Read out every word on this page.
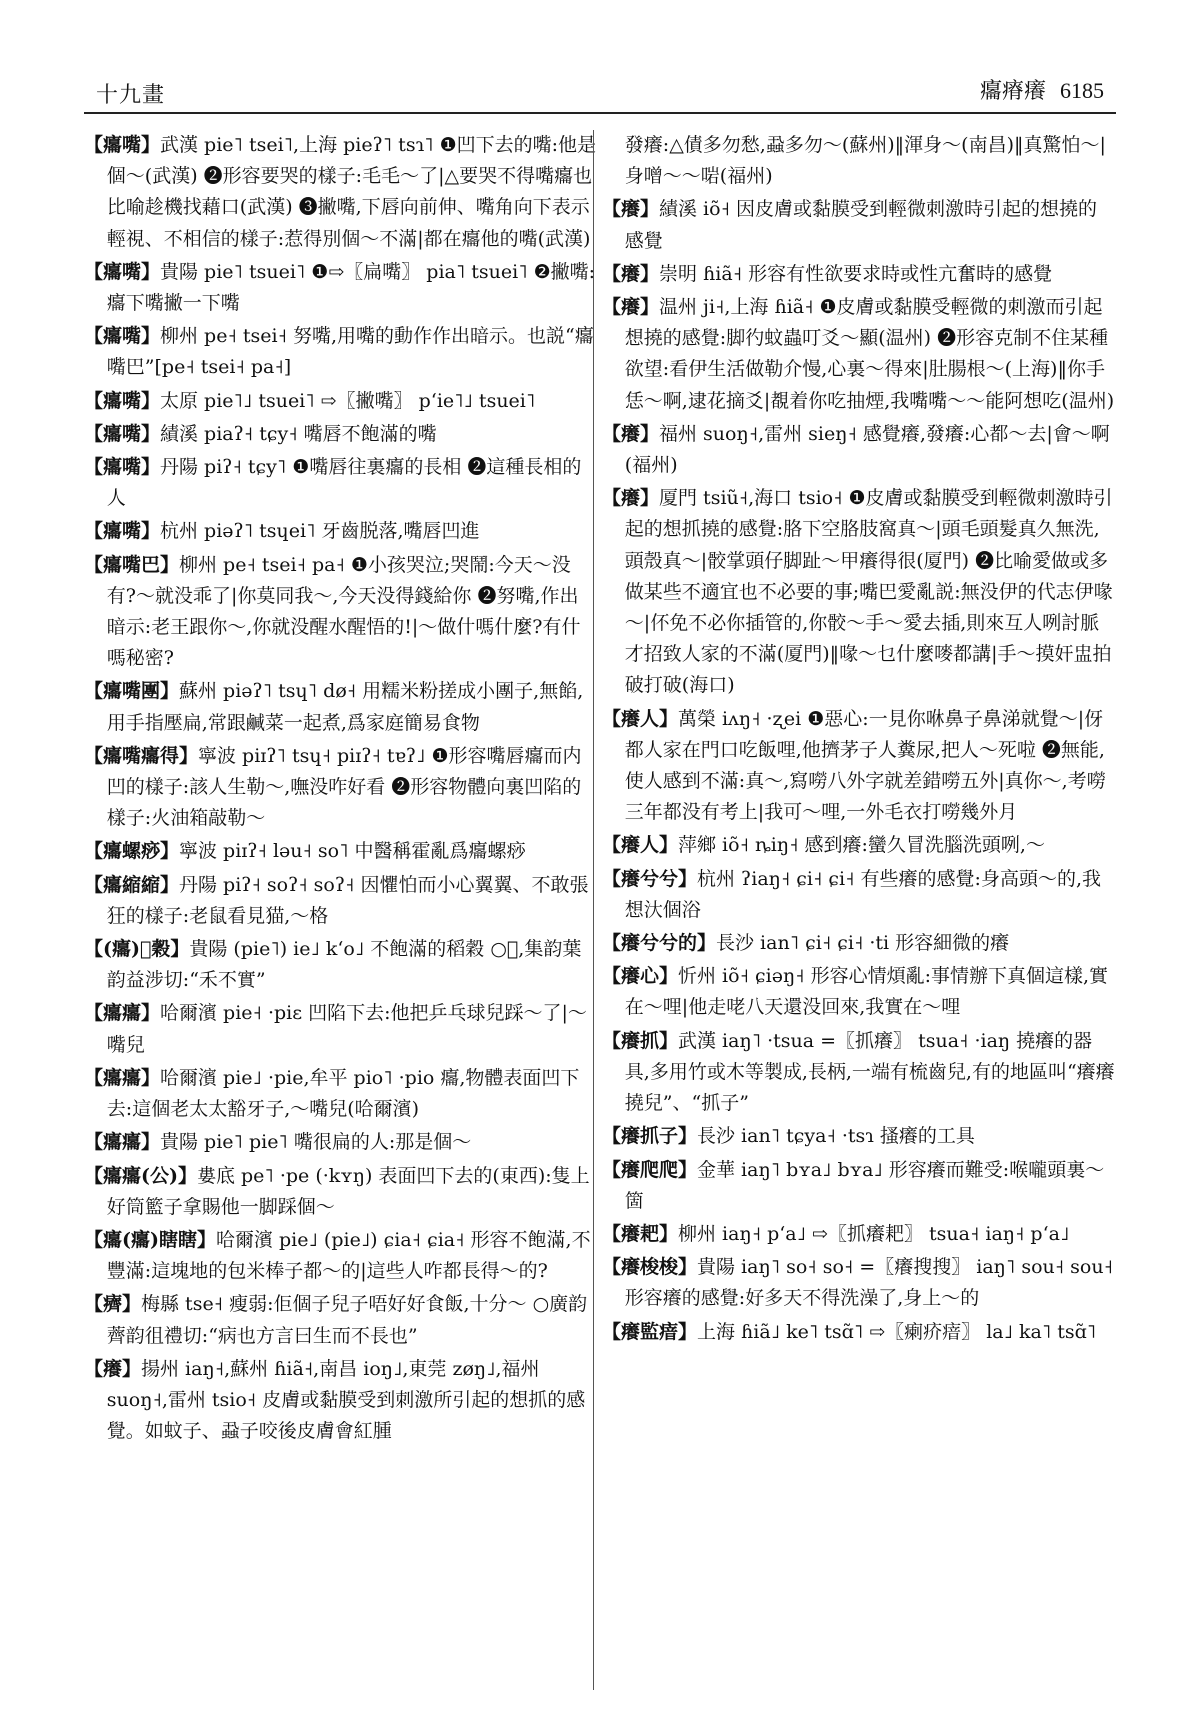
十九畫	癟瘠癢 6185
【癟嘴】武漢 pie˥ tsei˥,上海 pieʔ˥ tsɿ˥ ❶凹下去的嘴:他是個～(武漢) ❷形容要哭的樣子:毛毛～了|△要哭不得嘴癟也比喻趁機找藉口(武漢) ❸撇嘴,下唇向前伸、嘴角向下表示輕視、不相信的樣子:惹得別個～不滿|都在癟他的嘴(武漢)
【癟嘴】貴陽 pie˥ tsuei˥ ❶⇨〖扁嘴〗 pia˥ tsuei˥ ❷撇嘴:癟下嘴撇一下嘴
【癟嘴】柳州 pe˧ tsei˧ 努嘴,用嘴的動作作出暗示。也説“癟嘴巴”[pe˧ tsei˧ pa˧]
【癟嘴】太原 pie˥˩ tsuei˥ ⇨〖撇嘴〗 pʻie˥˩ tsuei˥
【癟嘴】績溪 piaʔ˧ tɕy˧ 嘴唇不飽滿的嘴
【癟嘴】丹陽 piʔ˧ tɕy˥ ❶嘴唇往裏癟的長相 ❷這種長相的人
【癟嘴】杭州 piəʔ˥ tsɥei˥ 牙齒脱落,嘴唇凹進
【癟嘴巴】柳州 pe˧ tsei˧ pa˧ ❶小孩哭泣;哭鬧:今天～没有?～就没乖了|你莫同我～,今天没得錢給你 ❷努嘴,作出暗示:老王跟你～,你就没醒水醒悟的!|～做什嗎什麼?有什嗎秘密?
【癟嘴團】蘇州 piəʔ˥ tsɥ˥ dø˧ 用糯米粉搓成小團子,無餡,用手指壓扁,常跟鹹菜一起煮,爲家庭簡易食物
【癟嘴癟得】寧波 piɪʔ˥ tsɥ˧ piɪʔ˧ tɐʔ˩ ❶形容嘴唇癟而内凹的樣子:該人生勒～,嘸没咋好看 ❷形容物體向裏凹陷的樣子:火油箱敲勒～
【癟螺痧】寧波 piɪʔ˧ ləu˧ so˥ 中醫稱霍亂爲癟螺痧
【癟縮縮】丹陽 piʔ˧ soʔ˧ soʔ˧ 因懼怕而小心翼翼、不敢張狂的樣子:老鼠看見猫,～格
【(癟)𥡏穀】貴陽 (pie˥) ie˩ kʻo˩ 不飽滿的稻穀 ○𥡏,集韵葉韵益涉切:“禾不實”
【癟癟】哈爾濱 pie˧ ·piɛ 凹陷下去:他把乒乓球兒踩～了|～嘴兒
【癟癟】哈爾濱 pie˩ ·pie,牟平 pio˥ ·pio 癟,物體表面凹下去:這個老太太豁牙子,～嘴兒(哈爾濱)
【癟癟】貴陽 pie˥ pie˥ 嘴很扁的人:那是個～
【癟癟(公)】婁底 pe˥ ·pe (·kʏŋ) 表面凹下去的(東西):隻上好筒籃子拿賜他一脚踩個～
【癟(癟)瞎瞎】哈爾濱 pie˩ (pie˩) ɕia˧ ɕia˧ 形容不飽滿,不豐滿:這塊地的包米棒子都～的|這些人咋都長得～的?
【癠】梅縣 tse˧ 瘦弱:佢個子兒子唔好好食飯,十分～ ○廣韵薺韵徂禮切:“病也方言曰生而不長也”
【癢】揚州 iaŋ˧,蘇州 ɦiã˧,南昌 ioŋ˩,東莞 zøŋ˩,福州 suoŋ˧,雷州 tsio˧ 皮膚或黏膜受到刺激所引起的想抓的感覺。如蚊子、蝨子咬後皮膚會紅腫
發癢:△債多勿愁,蝨多勿～(蘇州)‖渾身～(南昌)‖真驚怕～|身噌～～啱(福州)
【癢】績溪 iõ˧ 因皮膚或黏膜受到輕微刺激時引起的想撓的感覺
【癢】崇明 ɦiã˧ 形容有性欲要求時或性亢奮時的感覺
【癢】温州 ji˧,上海 ɦiã˧ ❶皮膚或黏膜受輕微的刺激而引起想撓的感覺:脚彴蚊蟲叮爻～顯(温州) ❷形容克制不住某種欲望:看伊生活做勒介慢,心裏～得來|肚腸根～(上海)‖你手恁～啊,逮花摘爻|覩着你吃抽煙,我嘴嘴～～能阿想吃(温州)
【癢】福州 suoŋ˧,雷州 sieŋ˧ 感覺癢,發癢:心都～去|會～啊(福州)
【癢】厦門 tsiũ˧,海口 tsio˧ ❶皮膚或黏膜受到輕微刺激時引起的想抓撓的感覺:胳下空胳肢窩真～|頭毛頭髮真久無洗,頭殼真～|骹掌頭仔脚趾～甲癢得很(厦門) ❷比喻愛做或多做某些不適宜也不必要的事;嘴巴愛亂説:無没伊的代志伊喙～|伓免不必你插管的,你骹～手～愛去插,則來互人咧討脈才招致人家的不滿(厦門)‖喙～乜什麼嘜都講|手～摸奸盅拍破打破(海口)
【癢人】萬榮 iʌŋ˧ ·ʐei ❶惡心:一見你咻鼻子鼻涕就覺～|伢都人家在門口吃飯哩,他擠茅子人糞尿,把人～死啦 ❷無能,使人感到不滿:真～,寫嘮八外字就差錯嘮五外|真你～,考嘮三年都没有考上|我可～哩,一外毛衣打嘮幾外月
【癢人】萍鄉 iõ˧ ȵiŋ˧ 感到癢:蠻久冒洗腦洗頭咧,～
【癢兮兮】杭州 ʔiaŋ˧ ɕi˧ ɕi˧ 有些癢的感覺:身高頭～的,我想汏個浴
【癢兮兮的】長沙 ian˥ ɕi˧ ɕi˧ ·ti 形容細微的癢
【癢心】忻州 iõ˧ ɕiəŋ˧ 形容心情煩亂:事情辦下真個這樣,實在～哩|他走咾八天還没回來,我實在～哩
【癢抓】武漢 iaŋ˥ ·tsua =〖抓癢〗 tsua˧ ·iaŋ 撓癢的器具,多用竹或木等製成,長柄,一端有梳齒兒,有的地區叫“癢癢撓兒”、“抓子”
【癢抓子】長沙 ian˥ tɕya˧ ·tsɿ 搔癢的工具
【癢爬爬】金華 iaŋ˥ bʏa˩ bʏa˩ 形容癢而難受:喉嚨頭裏～箇
【癢耙】柳州 iaŋ˧ pʻa˩ ⇨〖抓癢耙〗 tsua˧ iaŋ˧ pʻa˩
【癢梭梭】貴陽 iaŋ˥ so˧ so˧ =〖癢搜搜〗 iaŋ˥ sou˧ sou˧ 形容癢的感覺:好多天不得洗澡了,身上～的
【癢監瘖】上海 ɦiã˩ ke˥ tsɑ̃˥ ⇨〖瘌疥瘖〗 la˩ ka˥ tsɑ̃˥
